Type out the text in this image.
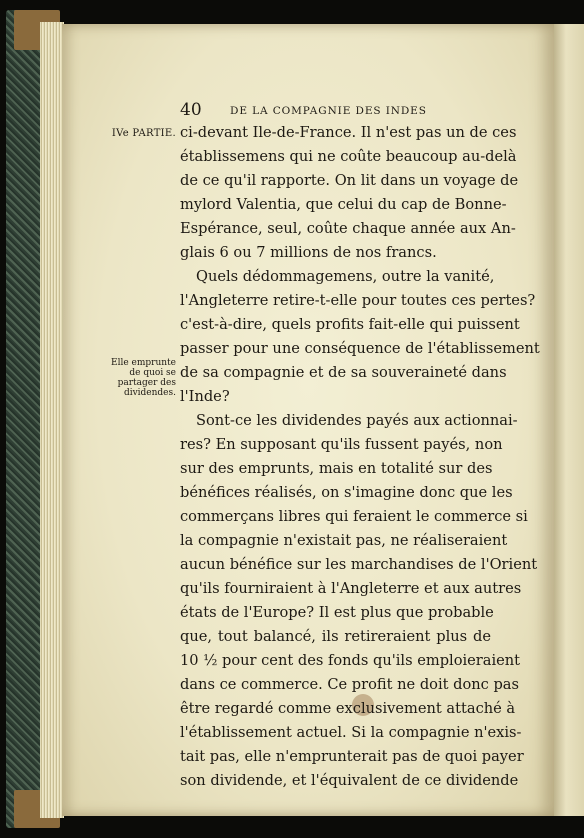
40	DE LA COMPAGNIE DES INDES
IVe PARTIE.
Elle emprunte
de quoi se
partager des
dividendes.
ci-devant Ile-de-France. Il n'est pas un de ces
établissemens qui ne coûte beaucoup au-delà
de ce qu'il rapporte. On lit dans un voyage de
mylord Valentia, que celui du cap de Bonne-
Espérance, seul, coûte chaque année aux An-
glais 6 ou 7 millions de nos francs.
Quels dédommagemens, outre la vanité,
l'Angleterre retire-t-elle pour toutes ces pertes?
c'est-à-dire, quels profits fait-elle qui puissent
passer pour une conséquence de l'établissement
de sa compagnie et de sa souveraineté dans
l'Inde?
Sont-ce les dividendes payés aux actionnai-
res? En supposant qu'ils fussent payés, non
sur des emprunts, mais en totalité sur des
bénéfices réalisés, on s'imagine donc que les
commerçans libres qui feraient le commerce si
la compagnie n'existait pas, ne réaliseraient
aucun bénéfice sur les marchandises de l'Orient
qu'ils fourniraient à l'Angleterre et aux autres
états de l'Europe? Il est plus que probable
que, tout balancé, ils retireraient plus de
10 ½ pour cent des fonds qu'ils emploieraient
dans ce commerce. Ce profit ne doit donc pas
être regardé comme exclusivement attaché à
l'établissement actuel. Si la compagnie n'exis-
tait pas, elle n'emprunterait pas de quoi payer
son dividende, et l'équivalent de ce dividende
